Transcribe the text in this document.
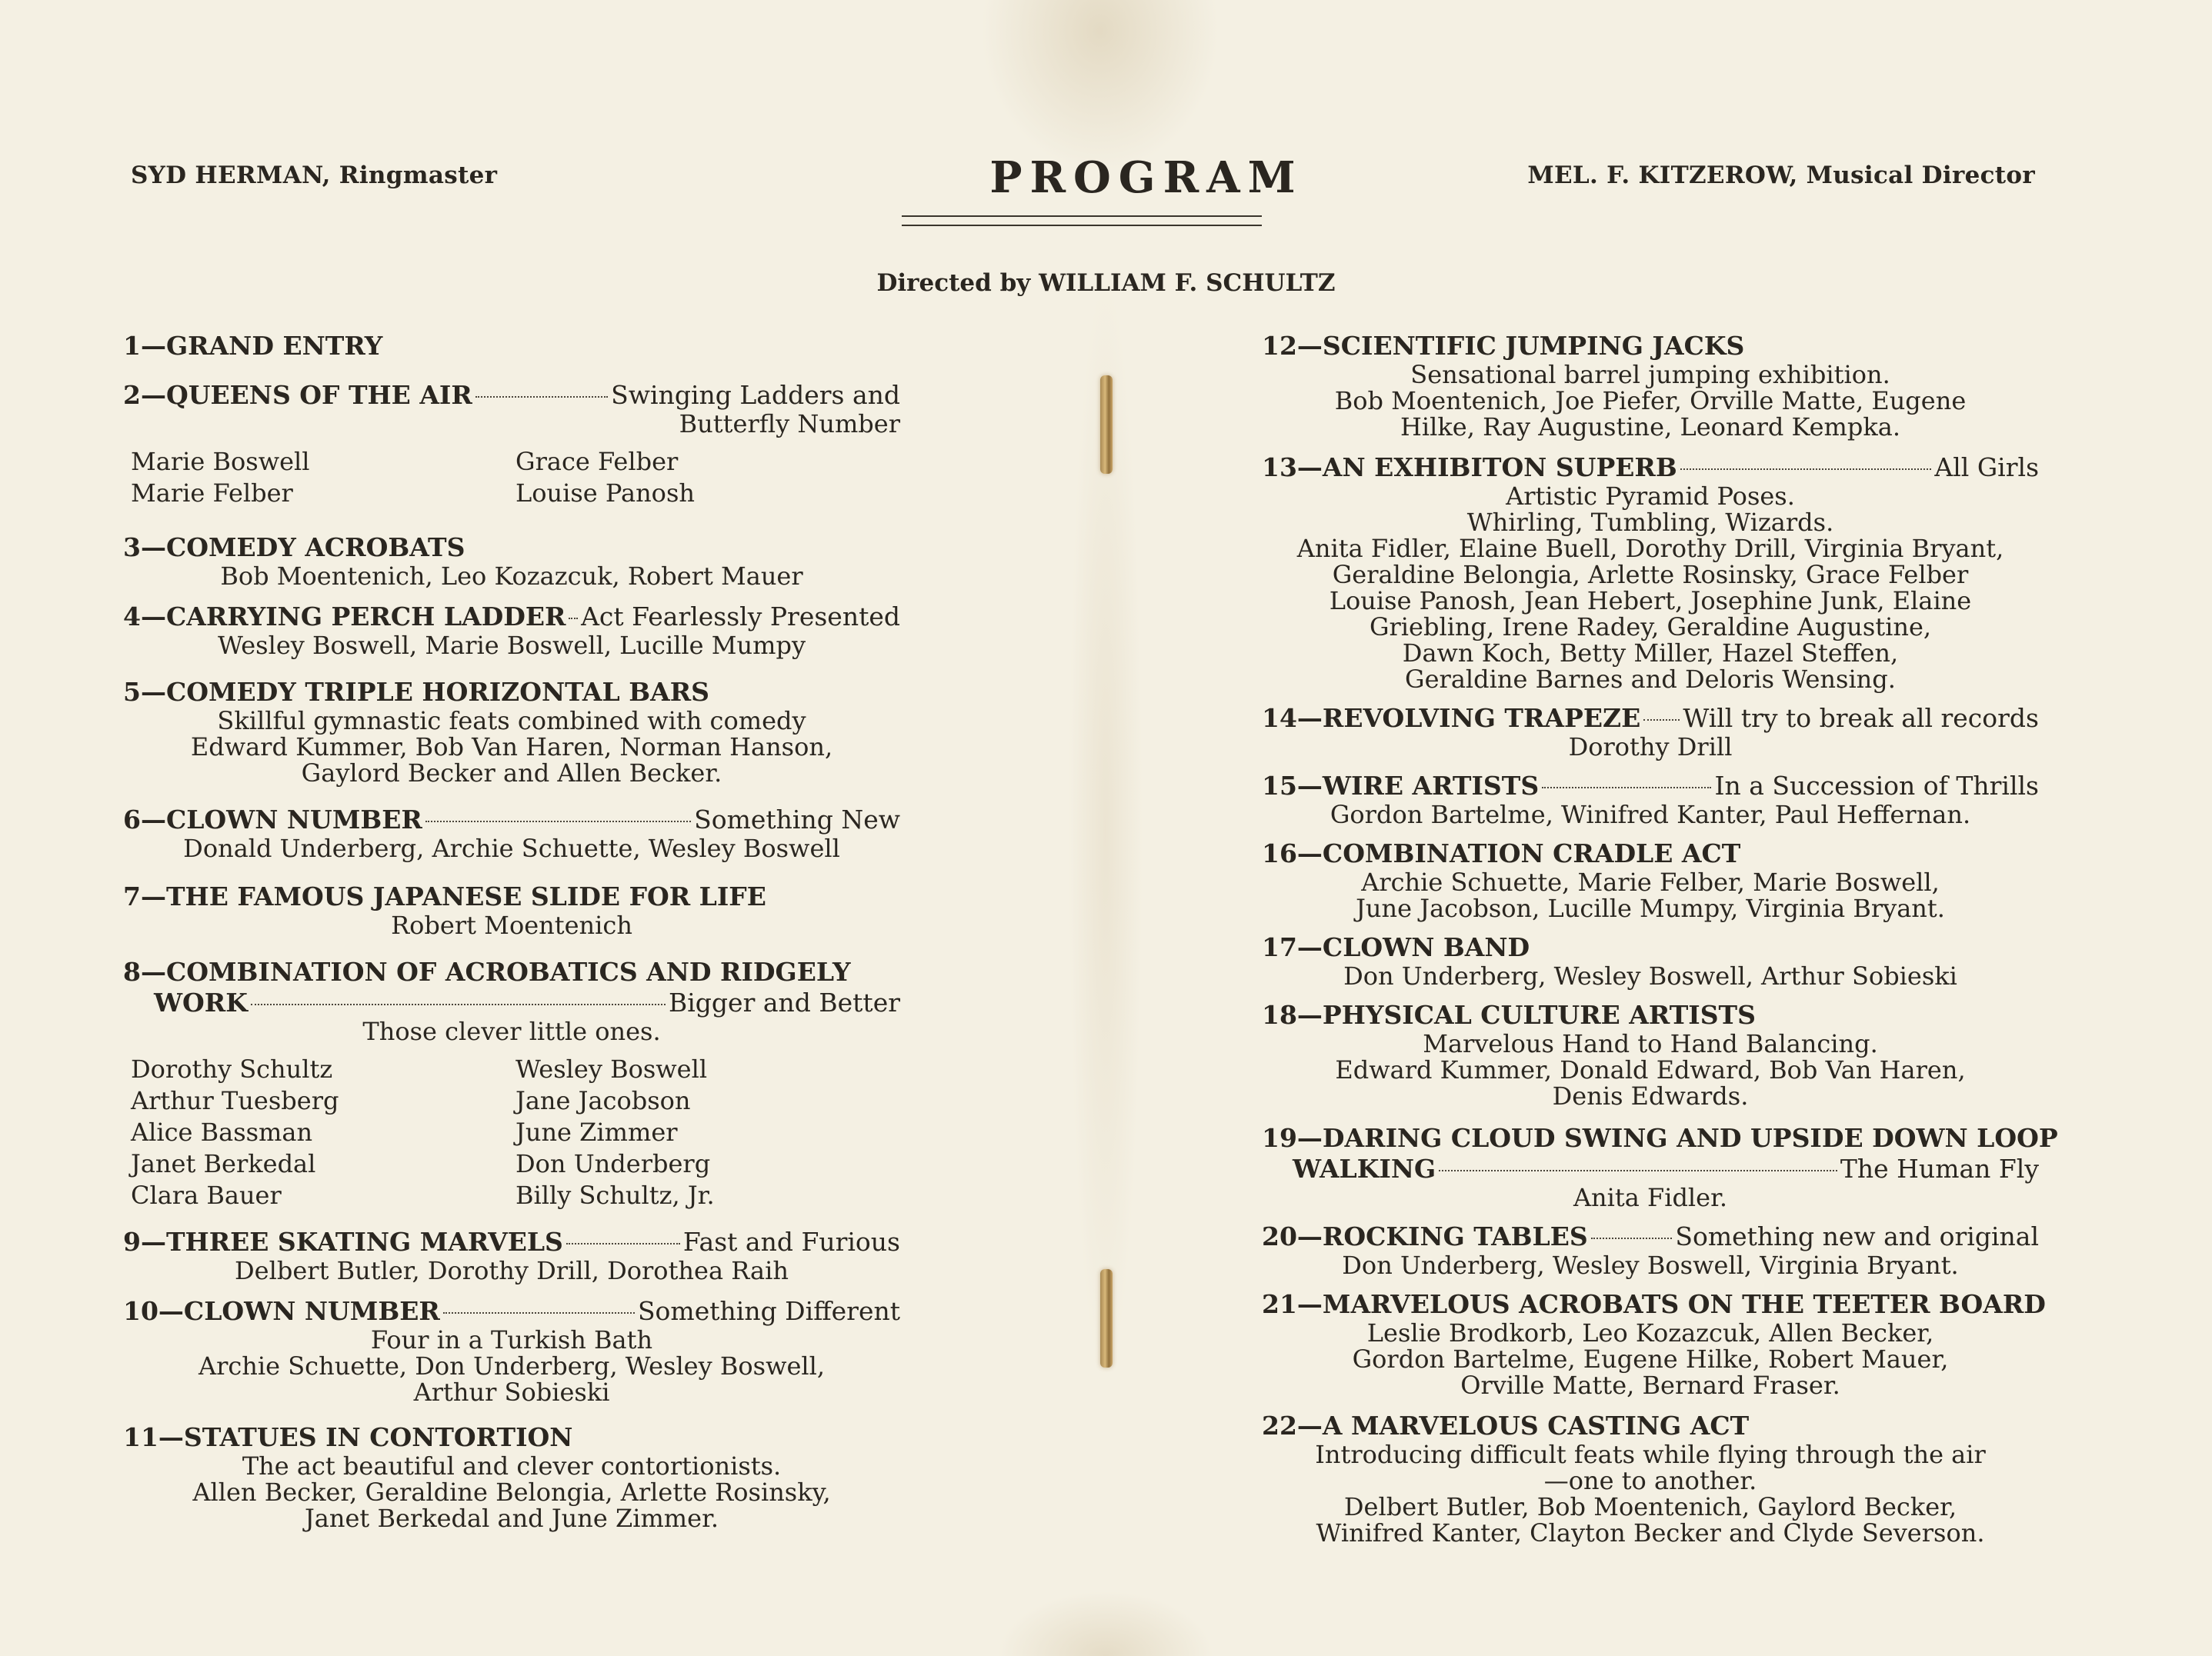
SYD HERMAN, Ringmaster	PROGRAM	MEL. F. KITZEROW, Musical Director
Directed by WILLIAM F. SCHULTZ
1—GRAND ENTRY
2—QUEENS OF THE AIR	Swinging Ladders and
Butterfly Number
Marie Boswell	Grace Felber
Marie Felber	Louise Panosh
3—COMEDY ACROBATS
Bob Moentenich, Leo Kozazcuk, Robert Mauer
4—CARRYING PERCH LADDER Act Fearlessly Presented
Wesley Boswell, Marie Boswell, Lucille Mumpy
5—COMEDY TRIPLE HORIZONTAL BARS
Skillful gymnastic feats combined with comedy
Edward Kummer, Bob Van Haren, Norman Hanson,
Gaylord Becker and Allen Becker.
6—CLOWN NUMBER	Something New
Donald Underberg, Archie Schuette, Wesley Boswell
7—THE FAMOUS JAPANESE SLIDE FOR LIFE
Robert Moentenich
8—COMBINATION OF ACROBATICS AND RIDGELY
WORK	Bigger and Better
Those clever little ones.
Dorothy Schultz	Wesley Boswell
Arthur Tuesberg	Jane Jacobson
Alice Bassman	June Zimmer
Janet Berkedal	Don Underberg
Clara Bauer	Billy Schultz, Jr.
9—THREE SKATING MARVELS	Fast and Furious
Delbert Butler, Dorothy Drill, Dorothea Raih
10—CLOWN NUMBER	Something Different
Four in a Turkish Bath
Archie Schuette, Don Underberg, Wesley Boswell,
Arthur Sobieski
11—STATUES IN CONTORTION
The act beautiful and clever contortionists.
Allen Becker, Geraldine Belongia, Arlette Rosinsky,
Janet Berkedal and June Zimmer.
12—SCIENTIFIC JUMPING JACKS
Sensational barrel jumping exhibition.
Bob Moentenich, Joe Piefer, Orville Matte, Eugene
Hilke, Ray Augustine, Leonard Kempka.
13—AN EXHIBITON SUPERB	All Girls
Artistic Pyramid Poses.
Whirling, Tumbling, Wizards.
Anita Fidler, Elaine Buell, Dorothy Drill, Virginia Bryant,
Geraldine Belongia, Arlette Rosinsky, Grace Felber
Louise Panosh, Jean Hebert, Josephine Junk, Elaine
Griebling, Irene Radey, Geraldine Augustine,
Dawn Koch, Betty Miller, Hazel Steffen,
Geraldine Barnes and Deloris Wensing.
14—REVOLVING TRAPEZE Will try to break all records
Dorothy Drill
15—WIRE ARTISTS	In a Succession of Thrills
Gordon Bartelme, Winifred Kanter, Paul Heffernan.
16—COMBINATION CRADLE ACT
Archie Schuette, Marie Felber, Marie Boswell,
June Jacobson, Lucille Mumpy, Virginia Bryant.
17—CLOWN BAND
Don Underberg, Wesley Boswell, Arthur Sobieski
18—PHYSICAL CULTURE ARTISTS
Marvelous Hand to Hand Balancing.
Edward Kummer, Donald Edward, Bob Van Haren,
Denis Edwards.
19—DARING CLOUD SWING AND UPSIDE DOWN LOOP
WALKING	The Human Fly
Anita Fidler.
20—ROCKING TABLES	Something new and original
Don Underberg, Wesley Boswell, Virginia Bryant.
21—MARVELOUS ACROBATS ON THE TEETER BOARD
Leslie Brodkorb, Leo Kozazcuk, Allen Becker,
Gordon Bartelme, Eugene Hilke, Robert Mauer,
Orville Matte, Bernard Fraser.
22—A MARVELOUS CASTING ACT
Introducing difficult feats while flying through the air
—one to another.
Delbert Butler, Bob Moentenich, Gaylord Becker,
Winifred Kanter, Clayton Becker and Clyde Severson.
